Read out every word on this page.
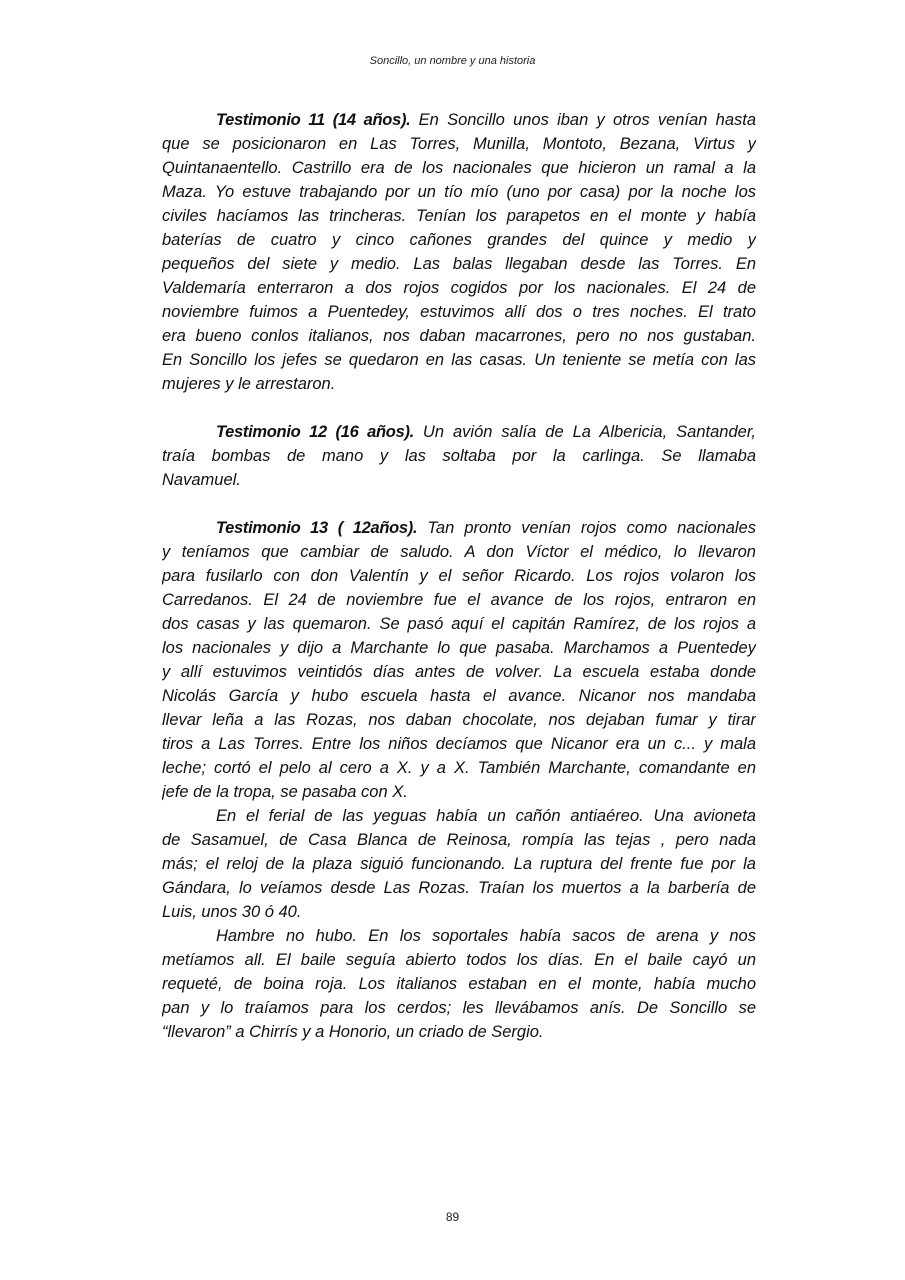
Soncillo, un nombre y una historia
Testimonio 11 (14 años). En Soncillo unos iban y otros venían hasta
que se posicionaron en Las Torres, Munilla, Montoto, Bezana, Virtus y
Quintanaentello. Castrillo era de los nacionales que hicieron un ramal a la
Maza. Yo estuve trabajando por un tío mío (uno por casa) por la noche los
civiles hacíamos las trincheras. Tenían los parapetos en el monte y había
baterías de cuatro y cinco cañones grandes del quince y medio y
pequeños del siete y medio. Las balas llegaban desde las Torres. En
Valdemaría enterraron a dos rojos cogidos por los nacionales. El 24 de
noviembre fuimos a Puentedey, estuvimos allí dos o tres noches. El trato
era bueno conlos italianos, nos daban macarrones, pero no nos gustaban.
En Soncillo los jefes se quedaron en las casas. Un teniente se metía con las
mujeres y le arrestaron.
Testimonio 12 (16 años). Un avión salía de La Albericia, Santander,
traía bombas de mano y las soltaba por la carlinga. Se llamaba
Navamuel.
Testimonio 13 ( 12años). Tan pronto venían rojos como nacionales
y teníamos que cambiar de saludo. A don Víctor el médico, lo llevaron
para fusilarlo con don Valentín y el señor Ricardo. Los rojos volaron los
Carredanos. El 24 de noviembre fue el avance de los rojos, entraron en
dos casas y las quemaron. Se pasó aquí el capitán Ramírez, de los rojos a
los nacionales y dijo a Marchante lo que pasaba. Marchamos a Puentedey
y allí estuvimos veintidós días antes de volver. La escuela estaba donde
Nicolás García y hubo escuela hasta el avance. Nicanor nos mandaba
llevar leña a las Rozas, nos daban chocolate, nos dejaban fumar y tirar
tiros a Las Torres. Entre los niños decíamos que Nicanor era un c... y mala
leche; cortó el pelo al cero a X. y a X. También Marchante, comandante en
jefe de la tropa, se pasaba con X.
En el ferial de las yeguas había un cañón antiaéreo. Una avioneta
de Sasamuel, de Casa Blanca de Reinosa, rompía las tejas , pero nada
más; el reloj de la plaza siguió funcionando. La ruptura del frente fue por la
Gándara, lo veíamos desde Las Rozas. Traían los muertos a la barbería de
Luis, unos 30 ó 40.
Hambre no hubo. En los soportales había sacos de arena y nos
metíamos all. El baile seguía abierto todos los días. En el baile cayó un
requeté, de boina roja. Los italianos estaban en el monte, había mucho
pan y lo traíamos para los cerdos; les llevábamos anís. De Soncillo se
“llevaron” a Chirrís y a Honorio, un criado de Sergio.
89
